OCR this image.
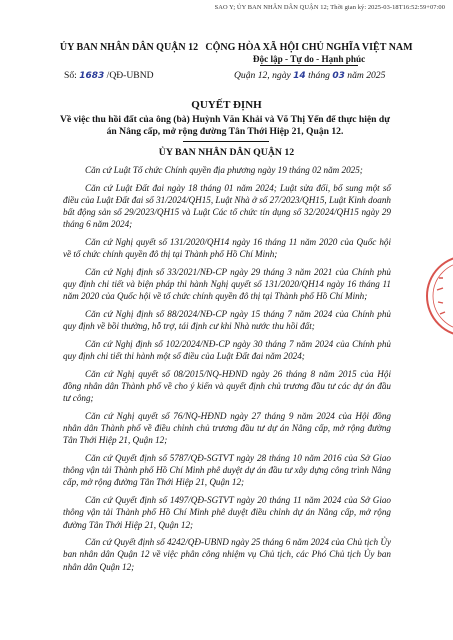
SAO Y; ỦY BAN NHÂN DÂN QUẬN 12; Thời gian ký: 2025-03-18T16:52:59+07:00
ỦY BAN NHÂN DÂN QUẬN 12 CỘNG HÒA XÃ HỘI CHỦ NGHĨA VIỆT NAM
Độc lập - Tự do - Hạnh phúc
Số: 1683 /QĐ-UBND	Quận 12, ngày 14 tháng 03 năm 2025
QUYẾT ĐỊNH
Về việc thu hồi đất của ông (bà) Huỳnh Văn Khải và Võ Thị Yến để thực hiện dự án Nâng cấp, mở rộng đường Tân Thới Hiệp 21, Quận 12.
ỦY BAN NHÂN DÂN QUẬN 12

Căn cứ Luật Tổ chức Chính quyền địa phương ngày 19 tháng 02 năm 2025;

Căn cứ Luật Đất đai ngày 18 tháng 01 năm 2024; Luật sửa đổi, bổ sung một số điều của Luật Đất đai số 31/2024/QH15, Luật Nhà ở số 27/2023/QH15, Luật Kinh doanh bất động sản số 29/2023/QH15 và Luật Các tổ chức tín dụng số 32/2024/QH15 ngày 29 tháng 6 năm 2024;

Căn cứ Nghị quyết số 131/2020/QH14 ngày 16 tháng 11 năm 2020 của Quốc hội về tổ chức chính quyền đô thị tại Thành phố Hồ Chí Minh;

Căn cứ Nghị định số 33/2021/NĐ-CP ngày 29 tháng 3 năm 2021 của Chính phủ quy định chi tiết và biện pháp thi hành Nghị quyết số 131/2020/QH14 ngày 16 tháng 11 năm 2020 của Quốc hội về tổ chức chính quyền đô thị tại Thành phố Hồ Chí Minh;

Căn cứ Nghị định số 88/2024/NĐ-CP ngày 15 tháng 7 năm 2024 của Chính phủ quy định về bồi thường, hỗ trợ, tái định cư khi Nhà nước thu hồi đất;

Căn cứ Nghị định số 102/2024/NĐ-CP ngày 30 tháng 7 năm 2024 của Chính phủ quy định chi tiết thi hành một số điều của Luật Đất đai năm 2024;

Căn cứ Nghị quyết số 08/2015/NQ-HĐND ngày 26 tháng 8 năm 2015 của Hội đồng nhân dân Thành phố về cho ý kiến và quyết định chủ trương đầu tư các dự án đầu tư công;

Căn cứ Nghị quyết số 76/NQ-HĐND ngày 27 tháng 9 năm 2024 của Hội đồng nhân dân Thành phố về điều chỉnh chủ trương đầu tư dự án Nâng cấp, mở rộng đường Tân Thới Hiệp 21, Quận 12;

Căn cứ Quyết định số 5787/QĐ-SGTVT ngày 28 tháng 10 năm 2016 của Sở Giao thông vận tải Thành phố Hồ Chí Minh phê duyệt dự án đầu tư xây dựng công trình Nâng cấp, mở rộng đường Tân Thới Hiệp 21, Quận 12;

Căn cứ Quyết định số 1497/QĐ-SGTVT ngày 20 tháng 11 năm 2024 của Sở Giao thông vận tải Thành phố Hồ Chí Minh phê duyệt điều chỉnh dự án Nâng cấp, mở rộng đường Tân Thới Hiệp 21, Quận 12;

Căn cứ Quyết định số 4242/QĐ-UBND ngày 25 tháng 6 năm 2024 của Chủ tịch Ủy ban nhân dân Quận 12 về việc phân công nhiệm vụ Chủ tịch, các Phó Chủ tịch Ủy ban nhân dân Quận 12;
